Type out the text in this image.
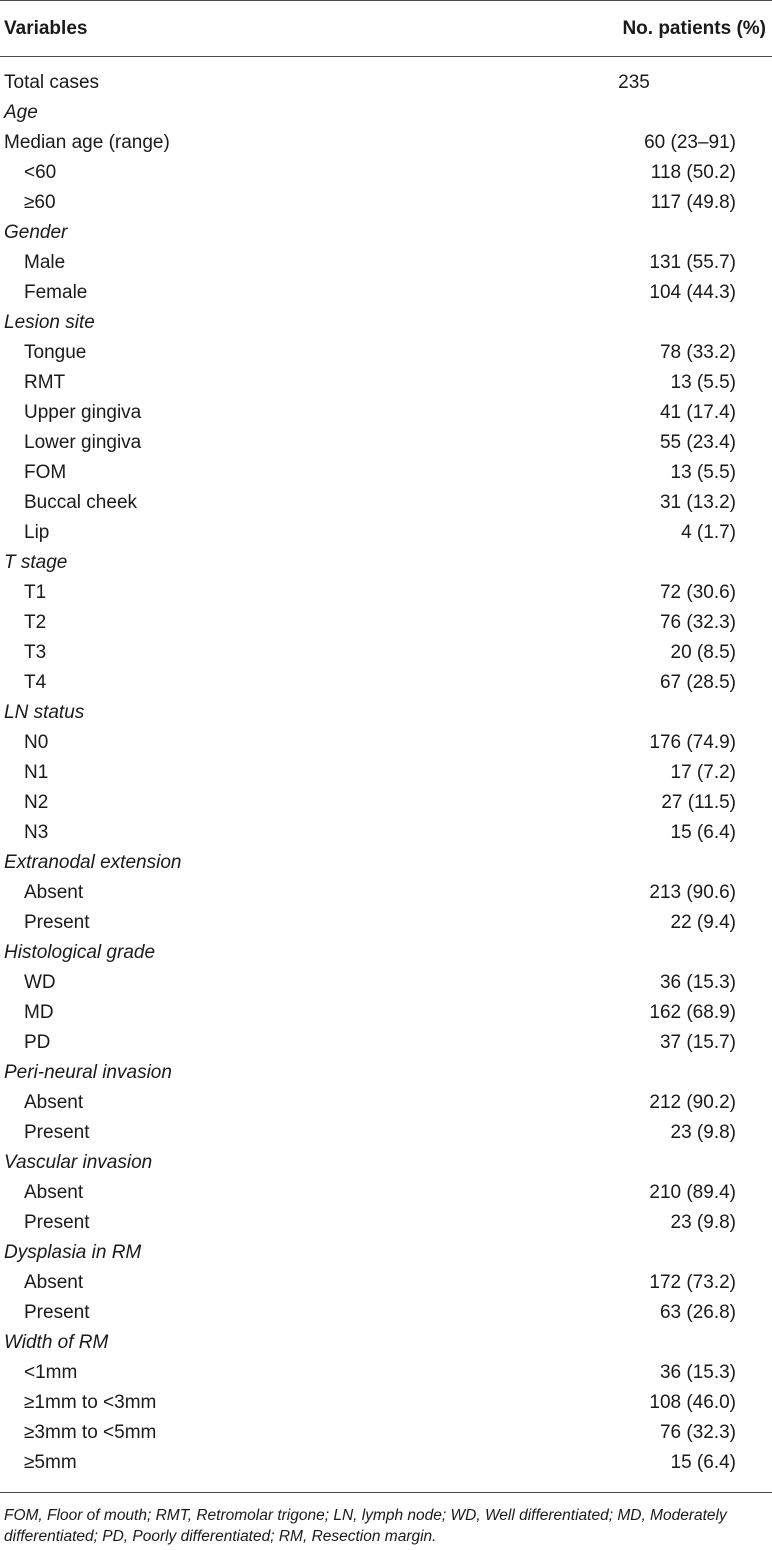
Variables	No. patients (%)
Total cases	235
Age
Median age (range)	60 (23–91)
<60	118 (50.2)
≥60	117 (49.8)
Gender
Male	131 (55.7)
Female	104 (44.3)
Lesion site
Tongue	78 (33.2)
RMT	13 (5.5)
Upper gingiva	41 (17.4)
Lower gingiva	55 (23.4)
FOM	13 (5.5)
Buccal cheek	31 (13.2)
Lip	4 (1.7)
T stage
T1	72 (30.6)
T2	76 (32.3)
T3	20 (8.5)
T4	67 (28.5)
LN status
N0	176 (74.9)
N1	17 (7.2)
N2	27 (11.5)
N3	15 (6.4)
Extranodal extension
Absent	213 (90.6)
Present	22 (9.4)
Histological grade
WD	36 (15.3)
MD	162 (68.9)
PD	37 (15.7)
Peri-neural invasion
Absent	212 (90.2)
Present	23 (9.8)
Vascular invasion
Absent	210 (89.4)
Present	23 (9.8)
Dysplasia in RM
Absent	172 (73.2)
Present	63 (26.8)
Width of RM
<1mm	36 (15.3)
≥1mm to <3mm	108 (46.0)
≥3mm to <5mm	76 (32.3)
≥5mm	15 (6.4)
FOM, Floor of mouth; RMT, Retromolar trigone; LN, lymph node; WD, Well differentiated; MD, Moderately differentiated; PD, Poorly differentiated; RM, Resection margin.
